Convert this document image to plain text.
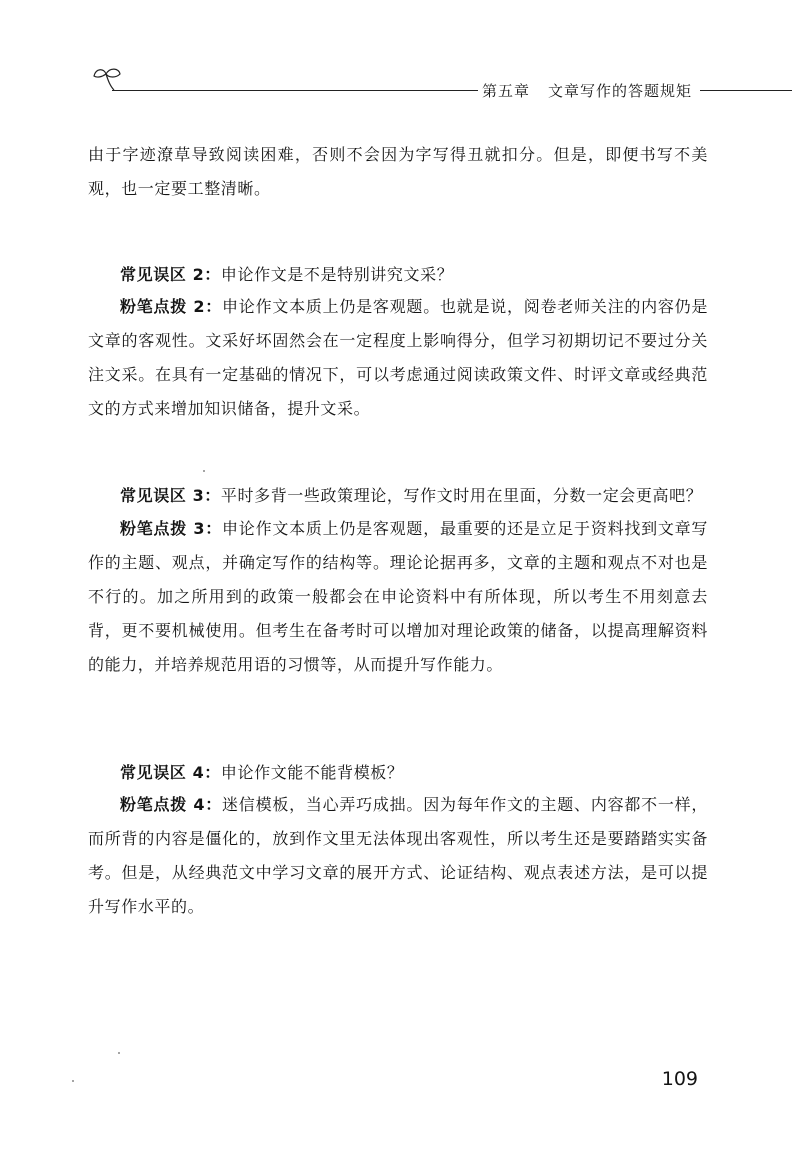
第五章 文章写作的答题规矩
由于字迹潦草导致阅读困难，否则不会因为字写得丑就扣分。但是，即便书写不美观，也一定要工整清晰。
常见误区 2：申论作文是不是特别讲究文采？
粉笔点拨 2：申论作文本质上仍是客观题。也就是说，阅卷老师关注的内容仍是文章的客观性。文采好坏固然会在一定程度上影响得分，但学习初期切记不要过分关注文采。在具有一定基础的情况下，可以考虑通过阅读政策文件、时评文章或经典范文的方式来增加知识储备，提升文采。
常见误区 3：平时多背一些政策理论，写作文时用在里面，分数一定会更高吧？
粉笔点拨 3：申论作文本质上仍是客观题，最重要的还是立足于资料找到文章写作的主题、观点，并确定写作的结构等。理论论据再多，文章的主题和观点不对也是不行的。加之所用到的政策一般都会在申论资料中有所体现，所以考生不用刻意去背，更不要机械使用。但考生在备考时可以增加对理论政策的储备，以提高理解资料的能力，并培养规范用语的习惯等，从而提升写作能力。
常见误区 4：申论作文能不能背模板？
粉笔点拨 4：迷信模板，当心弄巧成拙。因为每年作文的主题、内容都不一样，而所背的内容是僵化的，放到作文里无法体现出客观性，所以考生还是要踏踏实实备考。但是，从经典范文中学习文章的展开方式、论证结构、观点表述方法，是可以提升写作水平的。
109
